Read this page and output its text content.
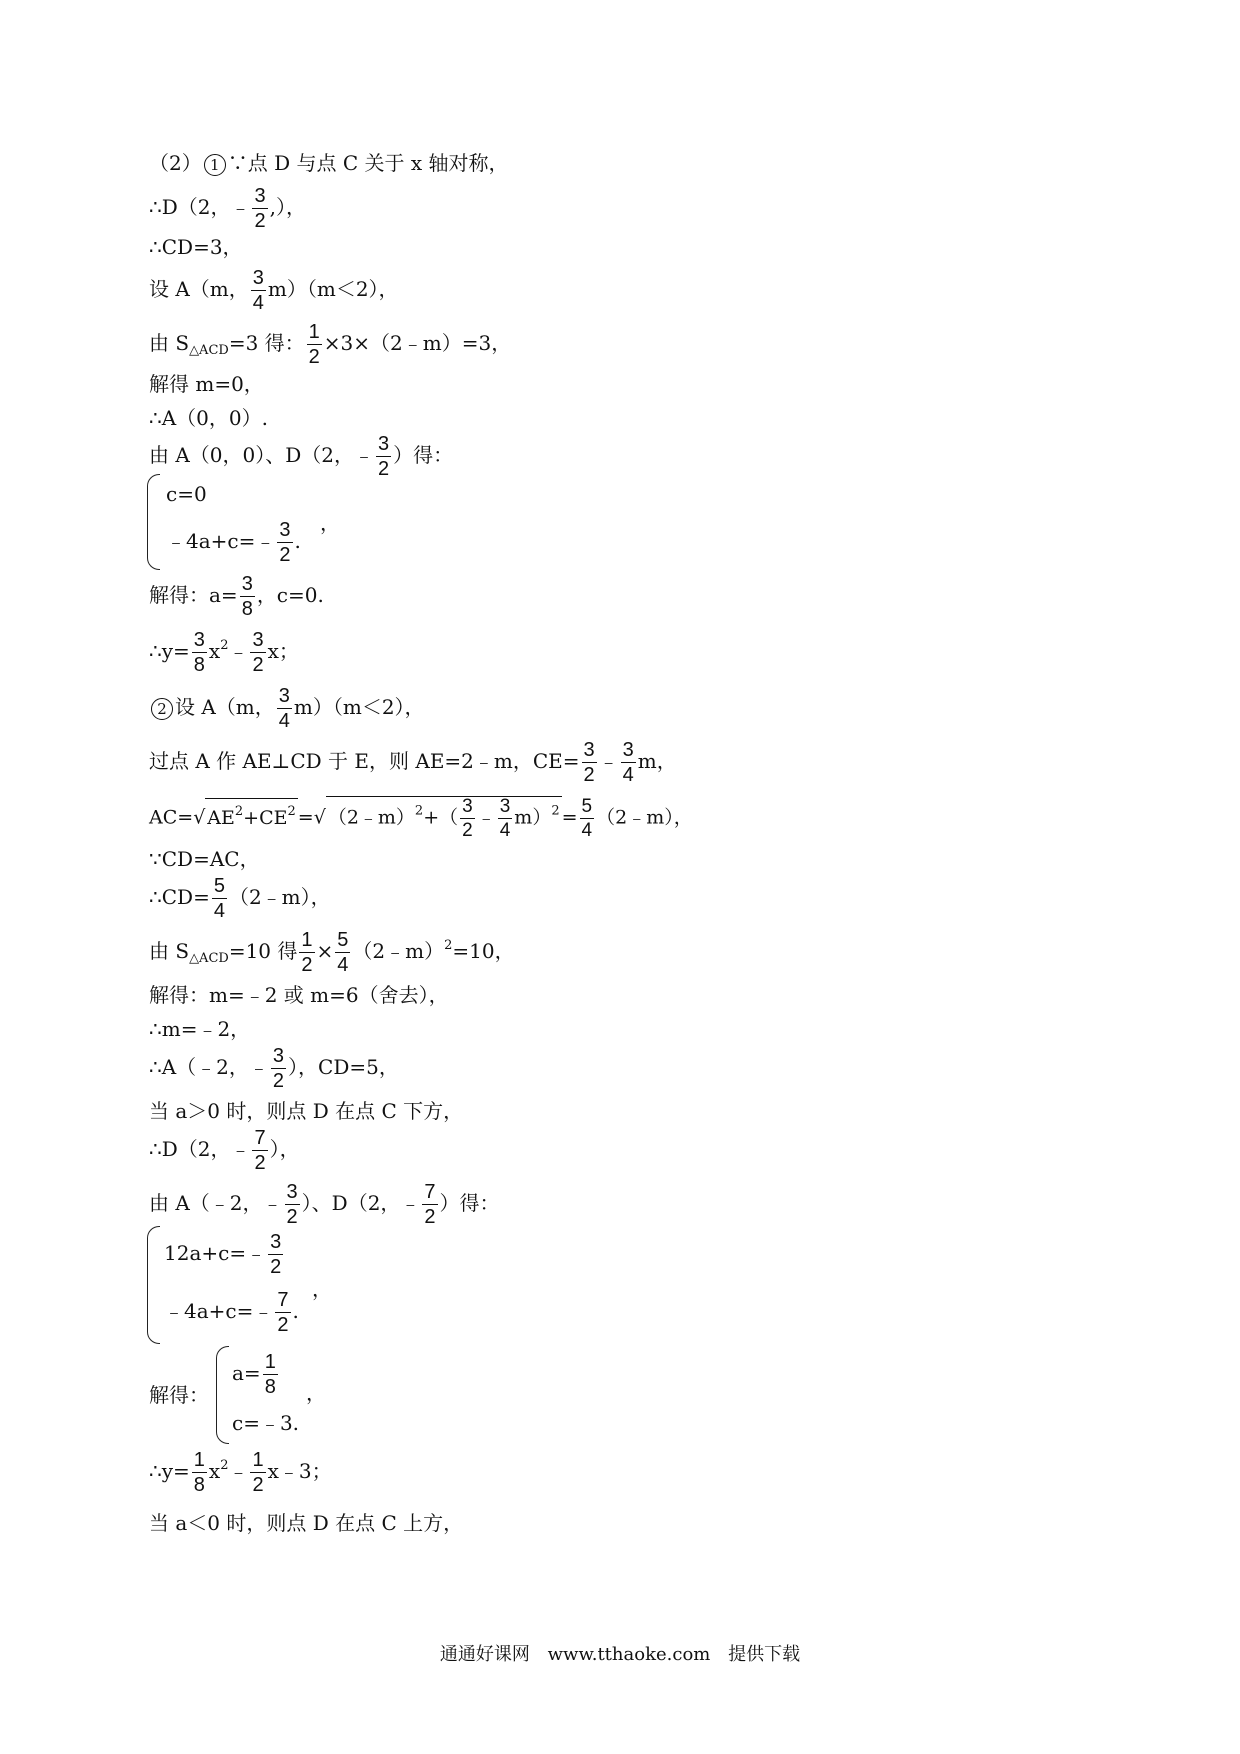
（2） 1 ∵点 D 与点 C 关于 x 轴对称，
∴D（2，﹣ $\frac{3}{2}$ ,），
∴CD=3，
设 A（m， $\frac{3}{4} m)(m<2)$，
由 $S_{\triangle ACD}=3$ 得： $\frac{1}{2}$ ×3×（2﹣m）=3，
解得 m=0，
∴A（0，0）.
由 A（0，0）、D（2，﹣ $\frac{3}{2}$ ）得：
c=0
﹣4a+c=﹣ $\frac{3}{2}$ .
，
解得：$a= \frac{3}{8}$ ，c=0.
∴y= $\frac{3}{8}$ $x^2﹣ \frac{3}{2}$ x；
2 设 A（m， $\frac{3}{4} m)(m<2)$，
过点 A 作 AE⊥CD 于 E，则 AE=2﹣m，$CE= \frac{3}{2}$ ﹣ $\frac{3}{4}$ m，
AC=√ $AE^2+CE^2$ =√ （2﹣m）$^2$+（ $\frac{3}{2}$ ﹣ $\frac{3}{4} m)^2 = \frac{5}{4}$ （2﹣m），
∵CD=AC，
∴CD= $\frac{5}{4}$ （2﹣m），
由 $S_{\triangle ACD}=10$ 得 $\frac{1}{2} \times \frac{5}{4}$ （2﹣m）$^2$=10，
解得：m=﹣2 或 m=6（舍去），
∴m=﹣2，
∴A（﹣2，﹣ $\frac{3}{2}$ ），CD=5，
当 a＞0 时，则点 D 在点 C 下方，
∴D（2，﹣ $\frac{7}{2}$ ），
由 A（﹣2，﹣ $\frac{3}{2}$ ）、D（2，﹣ $\frac{7}{2}$ ）得：
12a+c=﹣ $\frac{3}{2}$
﹣4a+c=﹣ $\frac{7}{2}$ .
，
解得：
$a= \frac{1}{8}$
c=﹣3.
，
∴y= $\frac{1}{8}$ $x^2﹣ \frac{1}{2}$ x﹣3；
当 a＜0 时，则点 D 在点 C 上方，
通通好课网 www.tthaoke.com 提供下载
